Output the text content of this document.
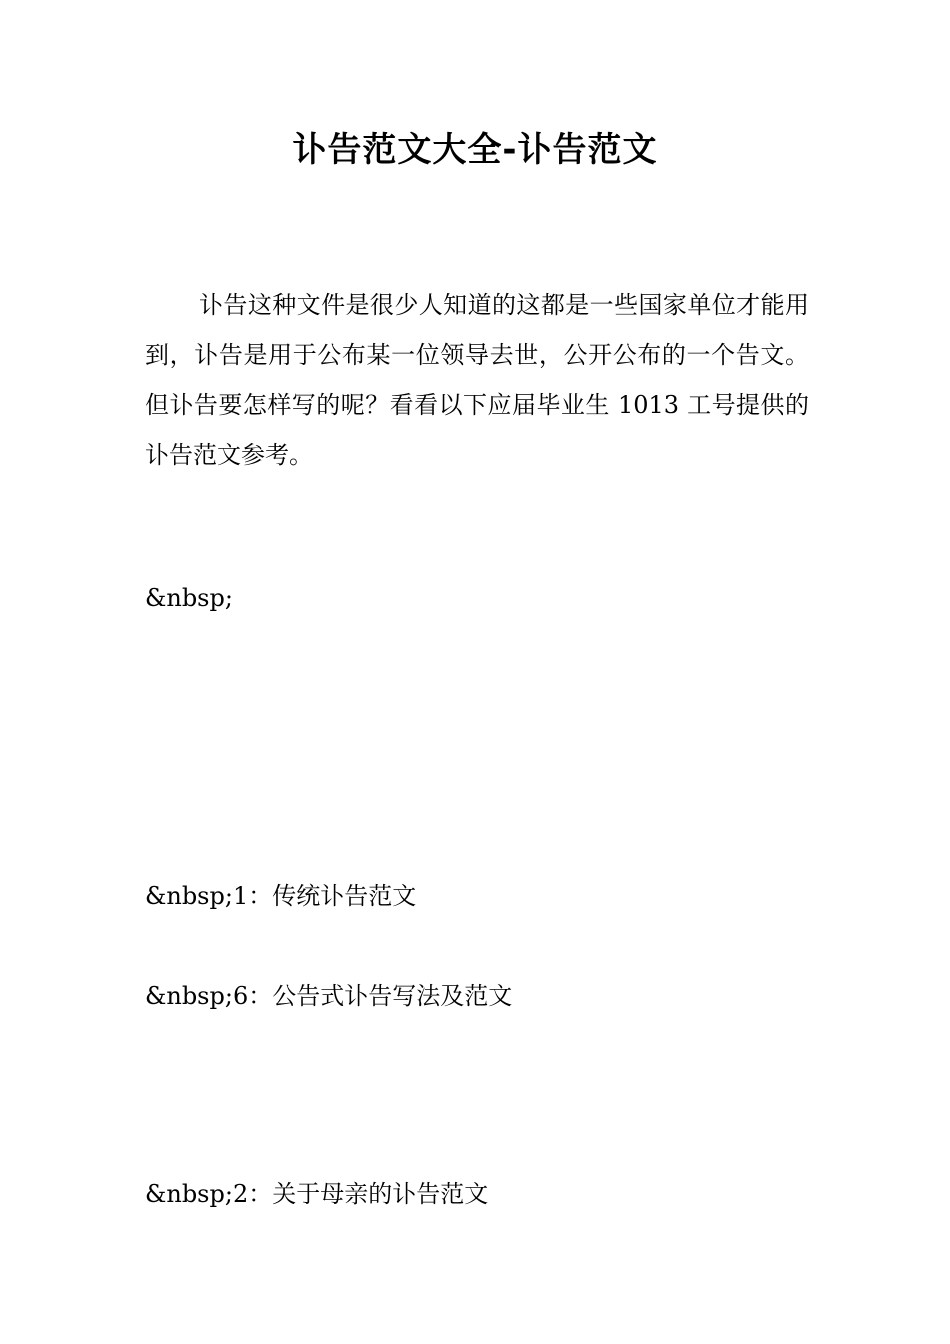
讣告范文大全-讣告范文

讣告这种文件是很少人知道的这都是一些国家单位才能用到，讣告是用于公布某一位领导去世，公开公布的一个告文。但讣告要怎样写的呢？看看以下应届毕业生 1013 工号提供的讣告范文参考。

&nbsp;

&nbsp;1：传统讣告范文

&nbsp;6：公告式讣告写法及范文

&nbsp;2：关于母亲的讣告范文
